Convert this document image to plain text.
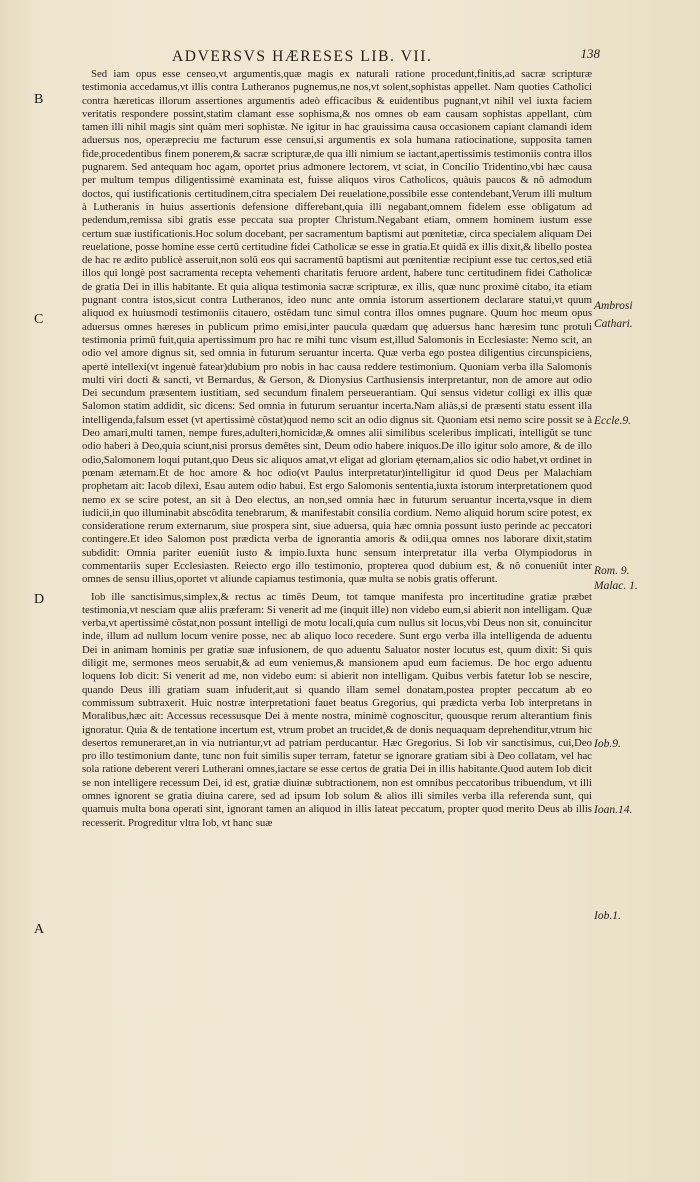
ADVERSVS HÆRESES LIB. VII.	138
B
C
D
A
Ambrosi
Cathari.
Eccle.9.
Rom. 9.
Malac. 1.
Iob.9.
Ioan.14.
Iob.1.

Sed iam opus esse censeo,vt argumentis,quæ magis ex naturali ratione procedunt,finitis,ad sacræ scripturæ testimonia accedamus,vt illis contra Lutheranos pugnemus,ne nos,vt solent,sophistas appellet. Nam quoties Catholici contra hæreticas illorum assertiones argumentis adeò efficacibus & euidentibus pugnant,vt nihil vel iuxta faciem veritatis respondere possint,statim clamant esse sophisma,& nos omnes ob eam causam sophistas appellant, cùm tamen illi nihil magis sint quàm meri sophistæ. Ne igitur in hac grauissima causa occasionem capiant clamandi idem aduersus nos, operæpreciu me facturum esse censui,si argumentis ex sola humana ratiocinatione, supposita tamen fide,procedentibus finem ponerem,& sacræ scripturæ,de qua illi nimium se iactant,apertissimis testimoniis contra illos pugnarem. Sed antequam hoc agam, oportet prius admonere lectorem, vt sciat, in Concilio Tridentino,vbi hæc causa per multum tempus diligentissimè examinata est, fuisse aliquos viros Catholicos, quàuis paucos & nõ admodum doctos, qui iustificationis certitudinem,citra specialem Dei reuelatione,possibile esse contendebant,Verum illi multum à Lutheranis in huius assertionis defensione differebant,quia illi negabant,omnem fidelem esse obligatum ad pedendum,remissa sibi gratis esse peccata sua propter Christum.Negabant etiam, omnem hominem iustum esse certum suæ iustificationis.Hoc solum docebant, per sacramentum baptismi aut pœnitetiæ, circa specialem aliquam Dei reuelatione, posse homine esse certũ certitudine fidei Catholicæ se esse in gratia.Et quidã ex illis dixit,& libello postea de hac re ædito publicè asseruit,non solũ eos qui sacramentũ baptismi aut pœnitentiæ recipiunt esse tuc certos,sed etiã illos qui longè post sacramenta recepta vehementi charitatis feruore ardent, habere tunc certitudinem fidei Catholicæ de gratia Dei in illis habitante. Et quia aliqua testimonia sacræ scripturæ, ex illis, quæ nunc proximè citabo, ita etiam pugnant contra istos,sicut contra Lutheranos, ideo nunc ante omnia istorum assertionem declarare statui,vt quum aliquod ex huiusmodi testimoniis citauero, ostẽdam tunc simul contra illos omnes pugnare. Quum hoc meum opus aduersus omnes hæreses in publicum primo emisi,inter paucula quædam quę aduersus hanc hæresim tunc protuli testimonia primũ fuit,quia apertissimum pro hac re mihi tunc visum est,illud Salomonis in Ecclesiaste: Nemo scit, an odio vel amore dignus sit, sed omnia in futurum seruantur incerta. Quæ verba ego postea diligentius circunspiciens, apertè intellexi(vt ingenuè fatear)dubium pro nobis in hac causa reddere testimonium. Quoniam verba illa Salomonis multi viri docti & sancti, vt Bernardus, & Gerson, & Dionysius Carthusiensis interpretantur, non de amore aut odio Dei secundum præsentem iustitiam, sed secundum finalem perseuerantiam. Qui sensus videtur colligi ex illis quæ Salomon statim addidit, sic dicens: Sed omnia in futurum seruantur incerta.Nam aliàs,si de præsenti statu essent illa intelligenda,falsum esset (vt apertissimè cõstat)quod nemo scit an odio dignus sit. Quoniam etsi nemo scire possit se à Deo amari,multi tamen, nempe fures,adulteri,homicidæ,& omnes alii similibus sceleribus implicati, intelligũt se tunc odio haberi à Deo,quia sciunt,nisi prorsus demẽtes sint, Deum odio habere iniquos.De illo igitur solo amore, & de illo odio,Salomonem loqui putant,quo Deus sic aliquos amat,vt eligat ad gloriam ęternam,alios sic odio habet,vt ordinet in pœnam æternam.Et de hoc amore & hoc odio(vt Paulus interpretatur)intelligitur id quod Deus per Malachiam prophetam ait: Iacob dilexi, Esau autem odio habui. Est ergo Salomonis sententia,iuxta istorum interpretationem quod nemo ex se scire potest, an sit à Deo electus, an non,sed omnia hæc in futurum seruantur incerta,vsque in diem iudicii,in quo illuminabit abscõdita tenebrarum, & manifestabit consilia cordium. Nemo aliquid horum scire potest, ex consideratione rerum externarum, siue prospera sint, siue aduersa, quia hæc omnia possunt iusto perinde ac peccatori contingere.Et ideo Salomon post prædicta verba de ignorantia amoris & odii,qua omnes nos laborare dixit,statim subdidit: Omnia pariter eueniũt iusto & impio.Iuxta hunc sensum interpretatur illa verba Olympiodorus in commentariis super Ecclesiasten. Reiecto ergo illo testimonio, propterea quod dubium est, & nõ conueniũt inter omnes de sensu illius,oportet vt aliunde capiamus testimonia, quæ multa se nobis gratis offerunt.

Iob ille sanctisimus,simplex,& rectus ac timẽs Deum, tot tamque manifesta pro incertitudine gratiæ præbet testimonia,vt nesciam quæ aliis præferam: Si venerit ad me (inquit ille) non videbo eum,si abierit non intelligam. Quæ verba,vt apertissimè cõstat,non possunt intelligi de motu locali,quia cum nullus sit locus,vbi Deus non sit, conuincitur inde, illum ad nullum locum venire posse, nec ab aliquo loco recedere. Sunt ergo verba illa intelligenda de aduentu Dei in animam hominis per gratiæ suæ infusionem, de quo aduentu Saluator noster locutus est, quum dixit: Si quis diligit me, sermones meos seruabit,& ad eum veniemus,& mansionem apud eum faciemus. De hoc ergo aduentu loquens Iob dicit: Si venerit ad me, non videbo eum: si abierit non intelligam. Quibus verbis fatetur Iob se nescire, quando Deus illi gratiam suam infuderit,aut si quando illam semel donatam,postea propter peccatum ab eo commissum subtraxerit. Huic nostræ interpretationi fauet beatus Gregorius, qui prædicta verba Iob interpretans in Moralibus,hæc ait: Accessus recessusque Dei à mente nostra, minimè cognoscitur, quousque rerum alterantium finis ignoratur. Quia & de tentatione incertum est, vtrum probet an trucidet,& de donis nequaquam deprehenditur,vtrum hic desertos remuneraret,an in via nutriantur,vt ad patriam perducantur. Hæc Gregorius. Si Iob vir sanctisimus, cui,Deo pro illo testimonium dante, tunc non fuit similis super terram, fatetur se ignorare gratiam sibi à Deo collatam, vel hac sola ratione deberent vereri Lutherani omnes,iactare se esse certos de gratia Dei in illis habitante.Quod autem Iob dicit se non intelligere recessum Dei, id est, gratiæ diuinæ subtractionem, non est omnibus peccatoribus tribuendum, vt illi omnes ignorent se gratia diuina carere, sed ad ipsum Iob solum & alios illi similes verba illa referenda sunt, qui quamuis multa bona operati sint, ignorant tamen an aliquod in illis lateat peccatum, propter quod merito Deus ab illis recesserit. Progreditur vltra Iob, vt hanc suæ
